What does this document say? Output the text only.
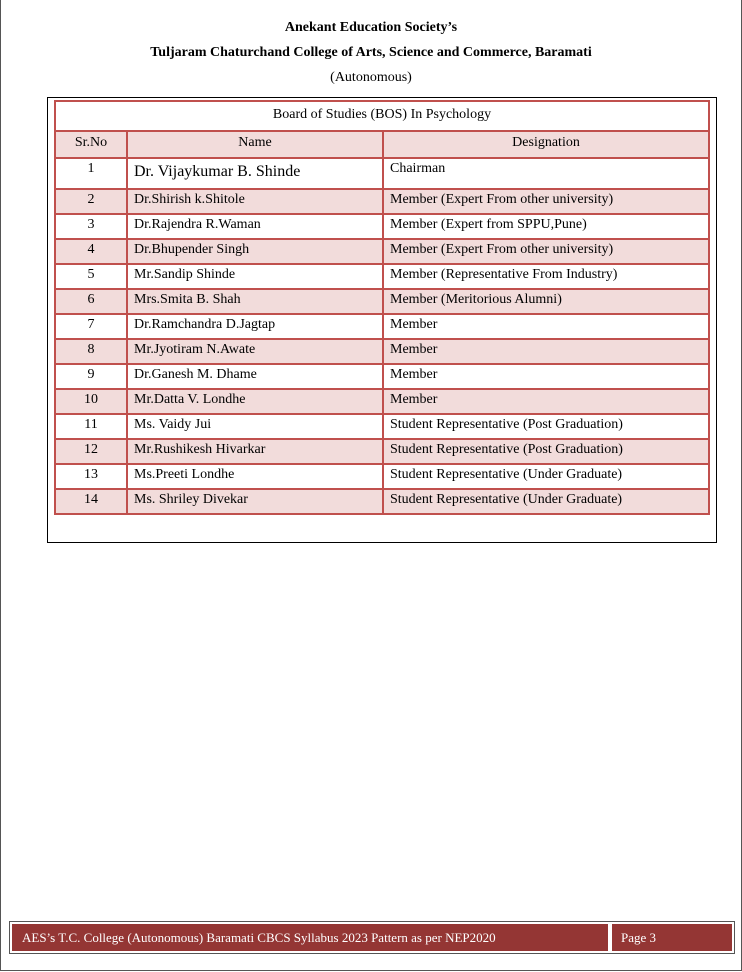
Anekant Education Society’s
Tuljaram Chaturchand College of Arts, Science and Commerce, Baramati
(Autonomous)
Board of Studies (BOS) In Psychology		
Sr.No	Name	Designation
1	Dr. Vijaykumar B. Shinde	Chairman
2	Dr.Shirish k.Shitole	Member (Expert From other university)
3	Dr.Rajendra R.Waman	Member (Expert from SPPU,Pune)
4	Dr.Bhupender Singh	Member (Expert From other university)
5	Mr.Sandip Shinde	Member (Representative From Industry)
6	Mrs.Smita B. Shah	Member (Meritorious Alumni)
7	Dr.Ramchandra D.Jagtap	Member
8	Mr.Jyotiram N.Awate	Member
9	Dr.Ganesh M. Dhame	Member
10	Mr.Datta V. Londhe	Member
11	Ms. Vaidy Jui	Student Representative (Post Graduation)
12	Mr.Rushikesh Hivarkar	Student Representative (Post Graduation)
13	Ms.Preeti Londhe	Student Representative (Under Graduate)
14	Ms. Shriley Divekar	Student Representative (Under Graduate)
AES’s T.C. College (Autonomous) Baramati CBCS Syllabus 2023 Pattern as per NEP2020	Page 3
